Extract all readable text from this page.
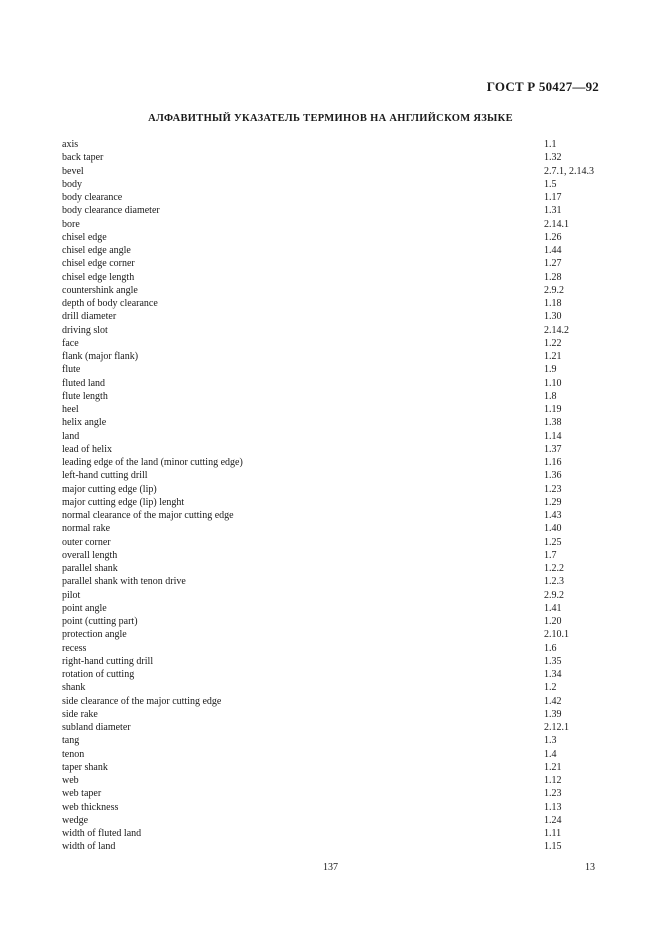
ГОСТ Р 50427—92
АЛФАВИТНЫЙ УКАЗАТЕЛЬ ТЕРМИНОВ НА АНГЛИЙСКОМ ЯЗЫКЕ
axis	1.1
back taper	1.32
bevel	2.7.1, 2.14.3
body	1.5
body clearance	1.17
body clearance diameter	1.31
bore	2.14.1
chisel edge	1.26
chisel edge angle	1.44
chisel edge corner	1.27
chisel edge length	1.28
countershink angle	2.9.2
depth of body clearance	1.18
drill diameter	1.30
driving slot	2.14.2
face	1.22
flank (major flank)	1.21
flute	1.9
fluted land	1.10
flute length	1.8
heel	1.19
helix angle	1.38
land	1.14
lead of helix	1.37
leading edge of the land (minor cutting edge)	1.16
left-hand cutting drill	1.36
major cutting edge (lip)	1.23
major cutting edge (lip) lenght	1.29
normal clearance of the major cutting edge	1.43
normal rake	1.40
outer corner	1.25
overall length	1.7
parallel shank	1.2.2
parallel shank with tenon drive	1.2.3
pilot	2.9.2
point angle	1.41
point (cutting part)	1.20
protection angle	2.10.1
recess	1.6
right-hand cutting drill	1.35
rotation of cutting	1.34
shank	1.2
side clearance of the major cutting edge	1.42
side rake	1.39
subland diameter	2.12.1
tang	1.3
tenon	1.4
taper shank	1.21
web	1.12
web taper	1.23
web thickness	1.13
wedge	1.24
width of fluted land	1.11
width of land	1.15
137	13
